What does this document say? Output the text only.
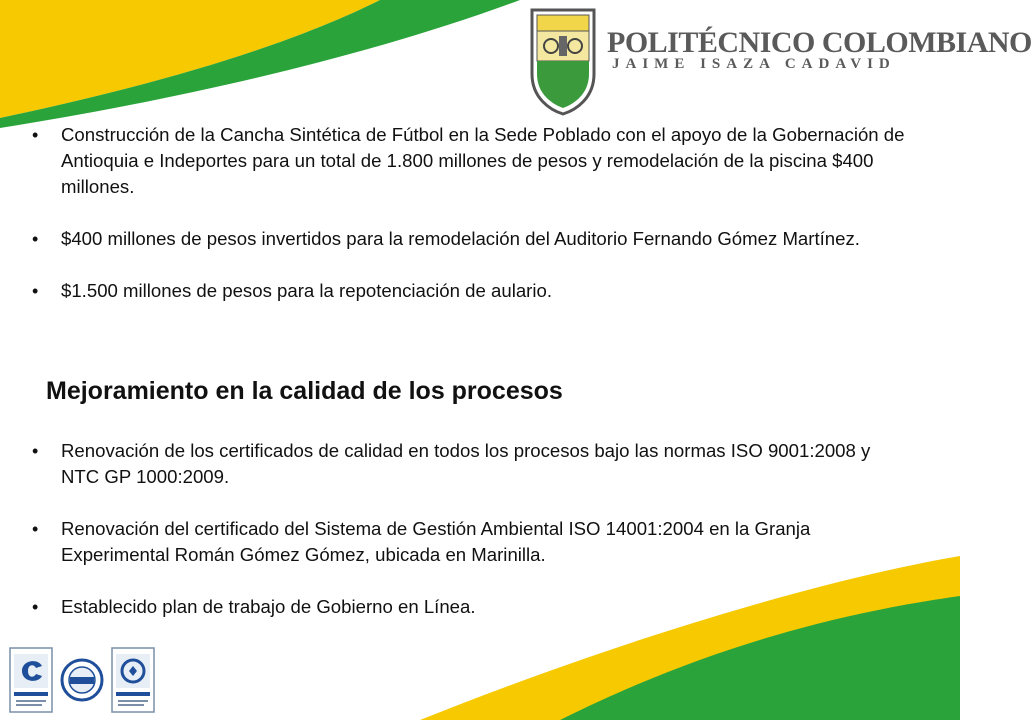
POLITÉCNICO COLOMBIANO
JAIME ISAZA CADAVID
• Construcción de la Cancha Sintética de Fútbol en la Sede Poblado con el apoyo de la Gobernación de Antioquia e Indeportes para un total de 1.800 millones de pesos y remodelación de la piscina $400 millones.
• $400 millones de pesos invertidos para la remodelación del Auditorio Fernando Gómez Martínez.
• $1.500 millones de pesos para la repotenciación de aulario.
Mejoramiento en la calidad de los procesos
• Renovación de los certificados de calidad en todos los procesos bajo las normas ISO 9001:2008 y NTC GP 1000:2009.
• Renovación del certificado del Sistema de Gestión Ambiental ISO 14001:2004 en la Granja Experimental Román Gómez Gómez, ubicada en Marinilla.
• Establecido plan de trabajo de Gobierno en Línea.
